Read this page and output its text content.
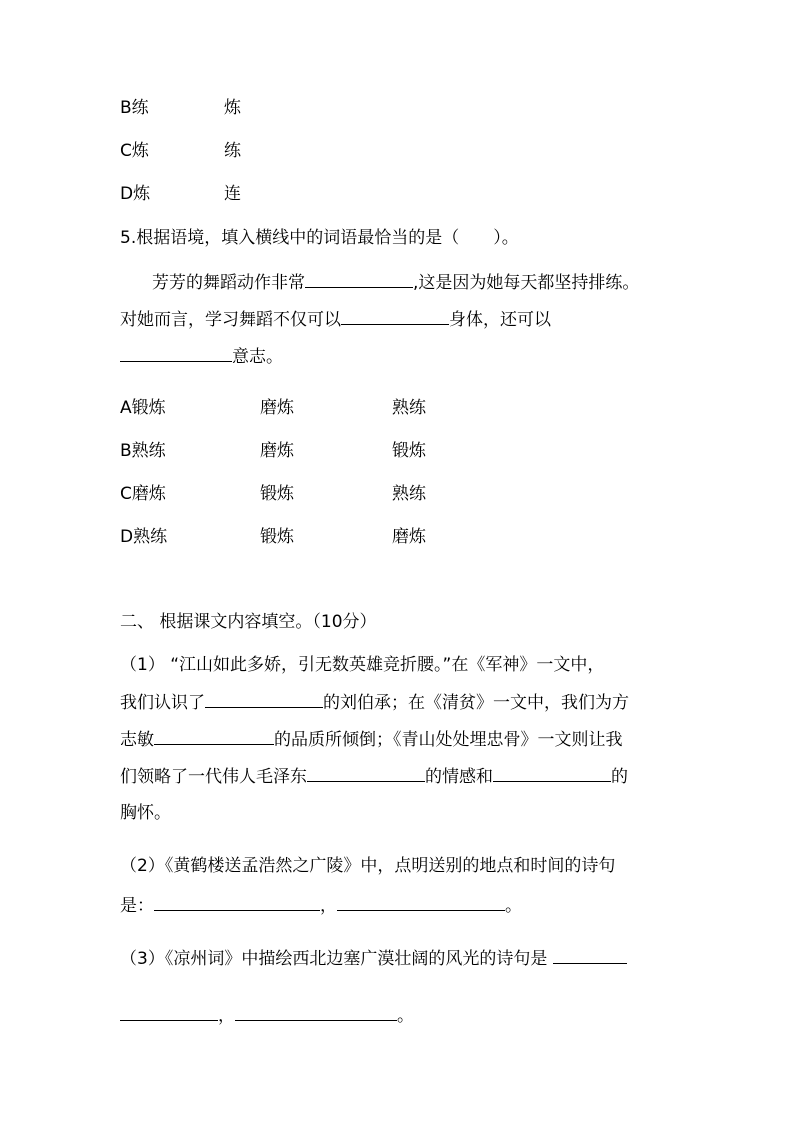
B练	炼
C炼	练
D炼	连
5.根据语境，填入横线中的词语最恰当的是（　　）。
芳芳的舞蹈动作非常	,这是因为她每天都坚持排练。
对她而言，学习舞蹈不仅可以	身体，还可以
意志。
A锻炼	磨炼	熟练
B熟练	磨炼	锻炼
C磨炼	锻炼	熟练
D熟练	锻炼	磨炼
二、 根据课文内容填空。（10分）
（1） “江山如此多娇，引无数英雄竞折腰。”在《军神》一文中，
我们认识了	的刘伯承；在《清贫》一文中，我们为方
志敏	的品质所倾倒；《青山处处埋忠骨》一文则让我
们领略了一代伟人毛泽东	的情感和	的
胸怀。
（2）《黄鹤楼送孟浩然之广陵》中，点明送别的地点和时间的诗句
是：	，	。
（3）《凉州词》中描绘西北边塞广漠壮阔的风光的诗句是
，	。
